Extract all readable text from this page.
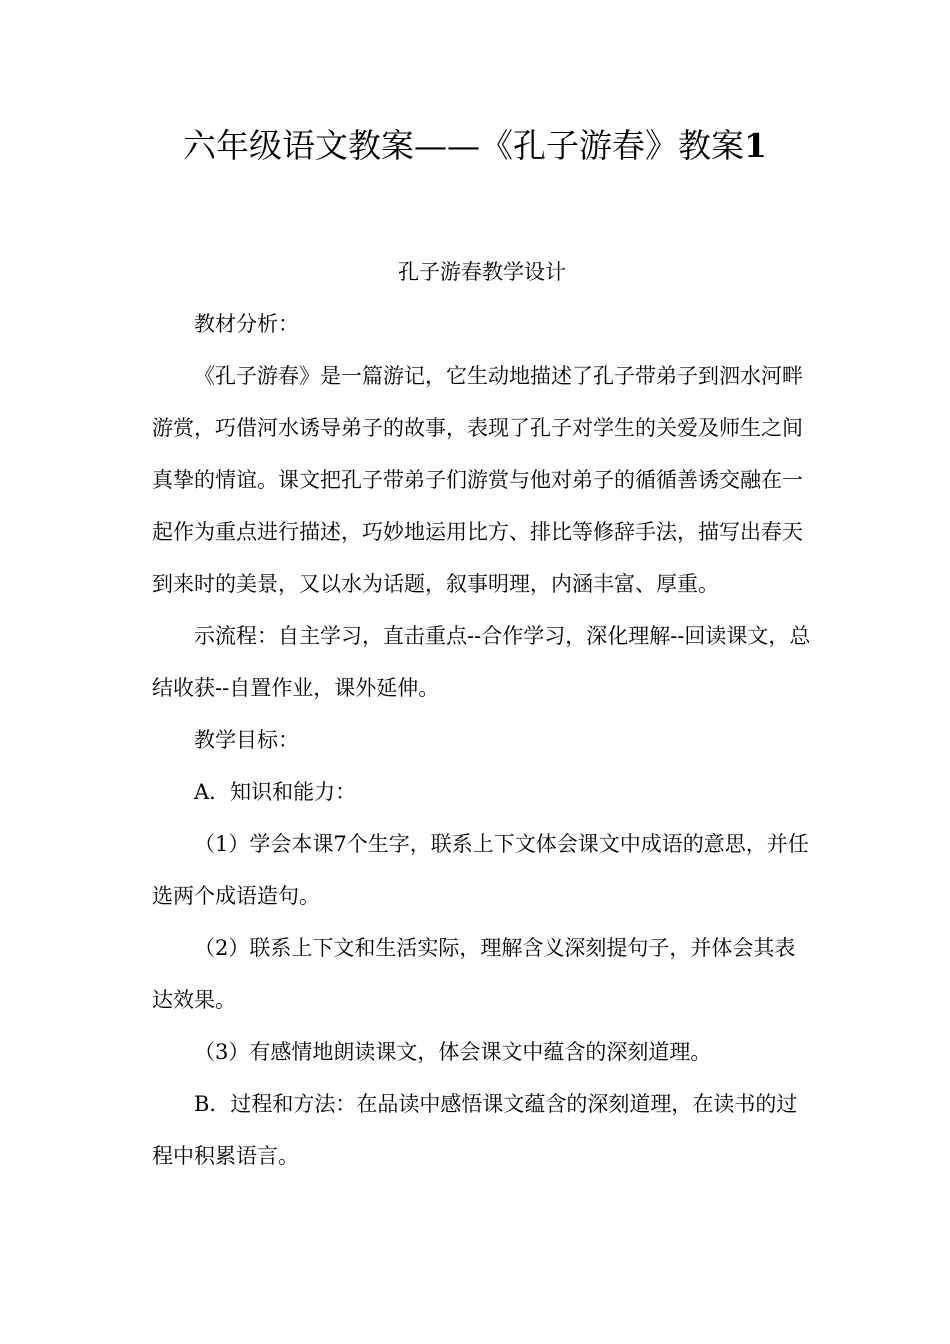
六年级语文教案——《孔子游春》教案1

孔子游春教学设计

教材分析：

《孔子游春》是一篇游记，它生动地描述了孔子带弟子到泗水河畔游赏，巧借河水诱导弟子的故事，表现了孔子对学生的关爱及师生之间真挚的情谊。课文把孔子带弟子们游赏与他对弟子的循循善诱交融在一起作为重点进行描述，巧妙地运用比方、排比等修辞手法，描写出春天到来时的美景，又以水为话题，叙事明理，内涵丰富、厚重。

示流程：自主学习，直击重点--合作学习，深化理解--回读课文，总结收获--自置作业，课外延伸。

教学目标：

A．知识和能力：

（1）学会本课7个生字，联系上下文体会课文中成语的意思，并任选两个成语造句。

（2）联系上下文和生活实际，理解含义深刻提句子，并体会其表达效果。

（3）有感情地朗读课文，体会课文中蕴含的深刻道理。

B．过程和方法：在品读中感悟课文蕴含的深刻道理，在读书的过程中积累语言。
